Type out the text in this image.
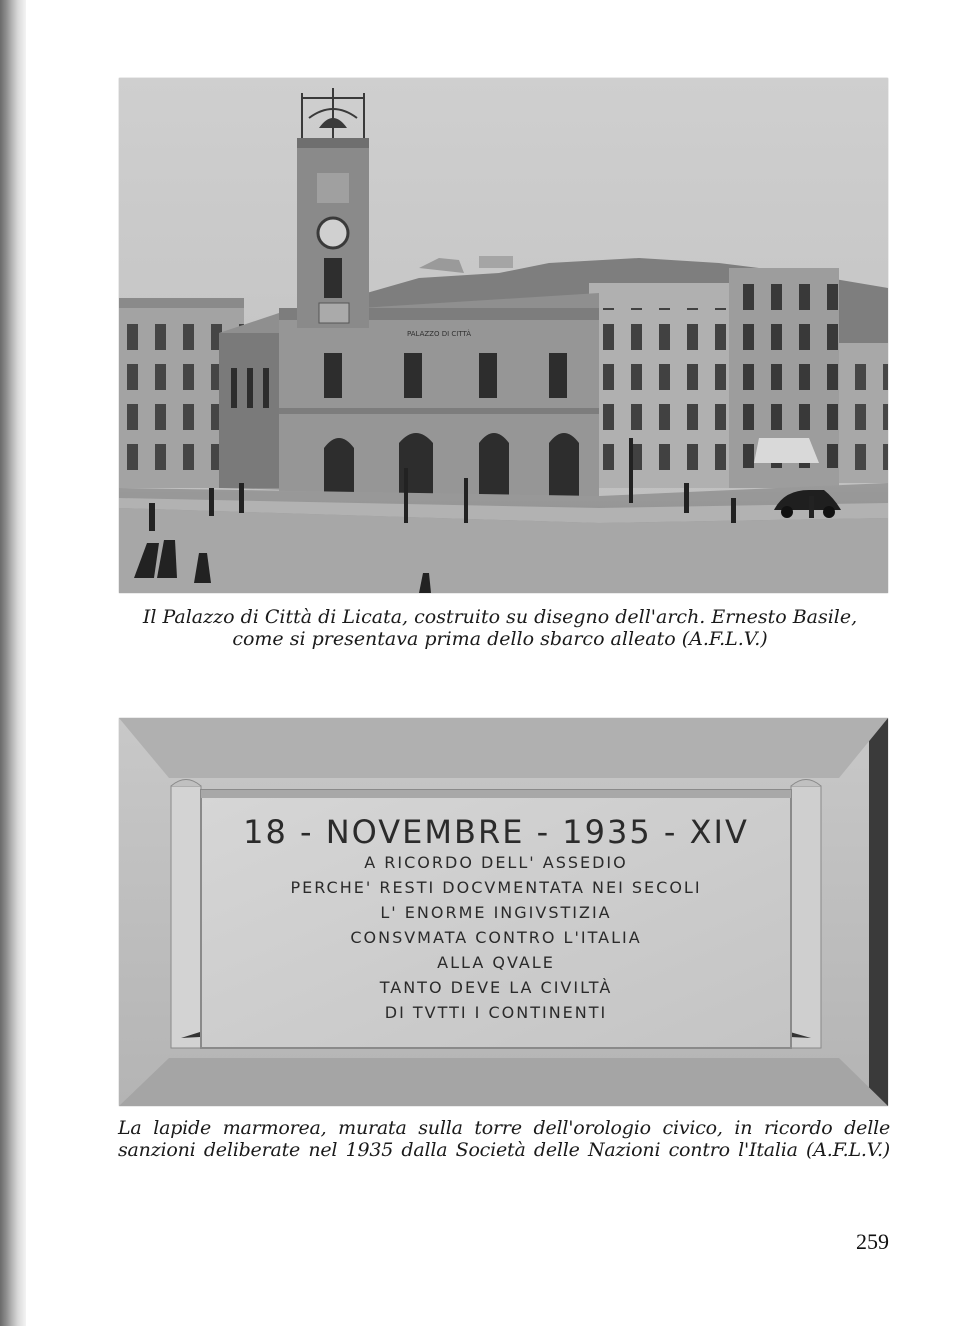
PALAZZO DI CITTÀ
Il Palazzo di Città di Licata, costruito su disegno dell'arch. Ernesto Basile,
come si presentava prima dello sbarco alleato (A.F.L.V.)
18 - NOVEMBRE - 1935 - XIV
A RICORDO DELL' ASSEDIO
PERCHE' RESTI DOCVMENTATA NEI SECOLI
L' ENORME INGIVSTIZIA
CONSVMATA CONTRO L'ITALIA
ALLA QVALE
TANTO DEVE LA CIVILTÀ
DI TVTTI I CONTINENTI
La lapide marmorea, murata sulla torre dell'orologio civico, in ricordo delle
sanzioni deliberate nel 1935 dalla Società delle Nazioni contro l'Italia (A.F.L.V.)
259
